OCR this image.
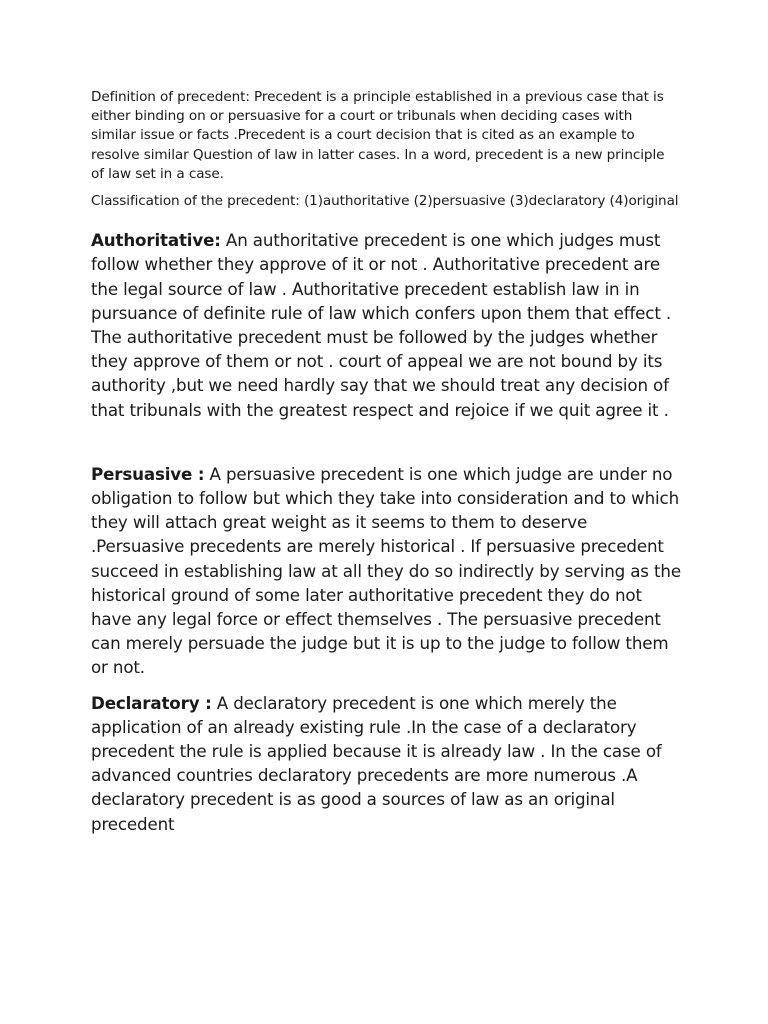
Definition of precedent: Precedent is a principle established in a previous case that is either binding on or persuasive for a court or tribunals when deciding cases with similar issue or facts .Precedent is a court decision that is cited as an example to resolve similar Question of law in latter cases. In a word, precedent is a new principle of law set in a case.

Classification of the precedent: (1)authoritative (2)persuasive (3)declaratory (4)original

Authoritative: An authoritative precedent is one which judges must follow whether they approve of it or not . Authoritative precedent are the legal source of law . Authoritative precedent establish law in in pursuance of definite rule of law which confers upon them that effect . The authoritative precedent must be followed by the judges whether they approve of them or not . court of appeal we are not bound by its authority ,but we need hardly say that we should treat any decision of that tribunals with the greatest respect and rejoice if we quit agree it .

Persuasive : A persuasive precedent is one which judge are under no obligation to follow but which they take into consideration and to which they will attach great weight as it seems to them to deserve .Persuasive precedents are merely historical . If persuasive precedent succeed in establishing law at all they do so indirectly by serving as the historical ground of some later authoritative precedent they do not have any legal force or effect themselves . The persuasive precedent can merely persuade the judge but it is up to the judge to follow them or not.

Declaratory : A declaratory precedent is one which merely the application of an already existing rule .In the case of a declaratory precedent the rule is applied because it is already law . In the case of advanced countries declaratory precedents are more numerous .A declaratory precedent is as good a sources of law as an original precedent
